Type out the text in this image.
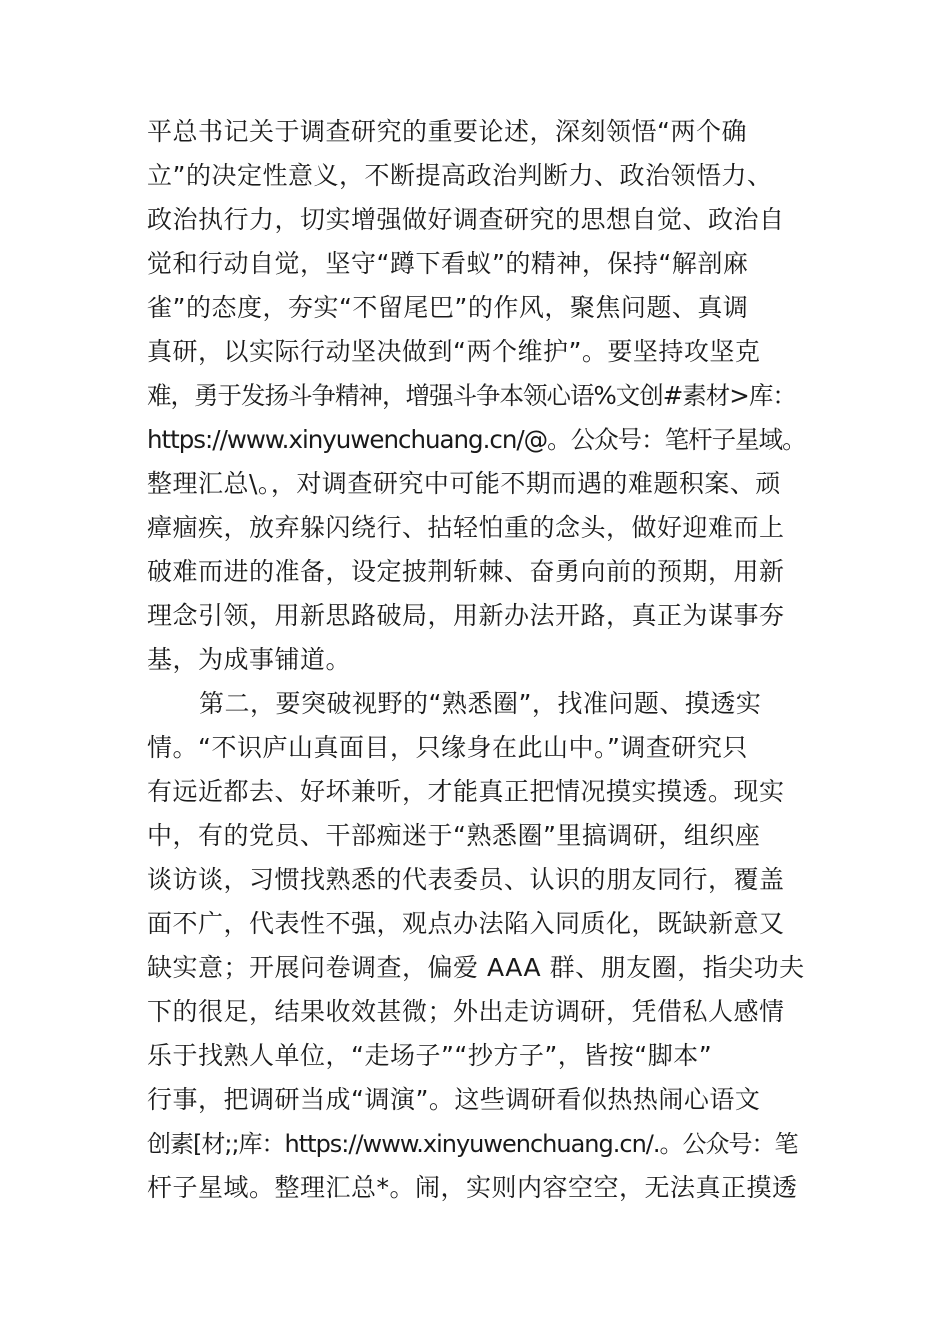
平总书记关于调查研究的重要论述，深刻领悟“两个确
立”的决定性意义，不断提高政治判断力、政治领悟力、
政治执行力，切实增强做好调查研究的思想自觉、政治自
觉和行动自觉，坚守“蹲下看蚁”的精神，保持“解剖麻
雀”的态度，夯实“不留尾巴”的作风，聚焦问题、真调
真研，以实际行动坚决做到“两个维护”。要坚持攻坚克
难，勇于发扬斗争精神，增强斗争本领心语%文创#素材>库：
https://www.xinyuwenchuang.cn/@。公众号：笔杆子星域。
整理汇总\。，对调查研究中可能不期而遇的难题积案、顽
瘴痼疾，放弃躲闪绕行、拈轻怕重的念头，做好迎难而上
破难而进的准备，设定披荆斩棘、奋勇向前的预期，用新
理念引领，用新思路破局，用新办法开路，真正为谋事夯
基，为成事铺道。
第二，要突破视野的“熟悉圈”，找准问题、摸透实
情。“不识庐山真面目，只缘身在此山中。”调查研究只
有远近都去、好坏兼听，才能真正把情况摸实摸透。现实
中，有的党员、干部痴迷于“熟悉圈”里搞调研，组织座
谈访谈，习惯找熟悉的代表委员、认识的朋友同行，覆盖
面不广，代表性不强，观点办法陷入同质化，既缺新意又
缺实意；开展问卷调查，偏爱 AAA 群、朋友圈，指尖功夫
下的很足，结果收效甚微；外出走访调研，凭借私人感情
乐于找熟人单位，“走场子”“抄方子”，皆按“脚本”
行事，把调研当成“调演”。这些调研看似热热闹心语文
创素[材;;库：https://www.xinyuwenchuang.cn/.。公众号：笔
杆子星域。整理汇总*。闹，实则内容空空，无法真正摸透
